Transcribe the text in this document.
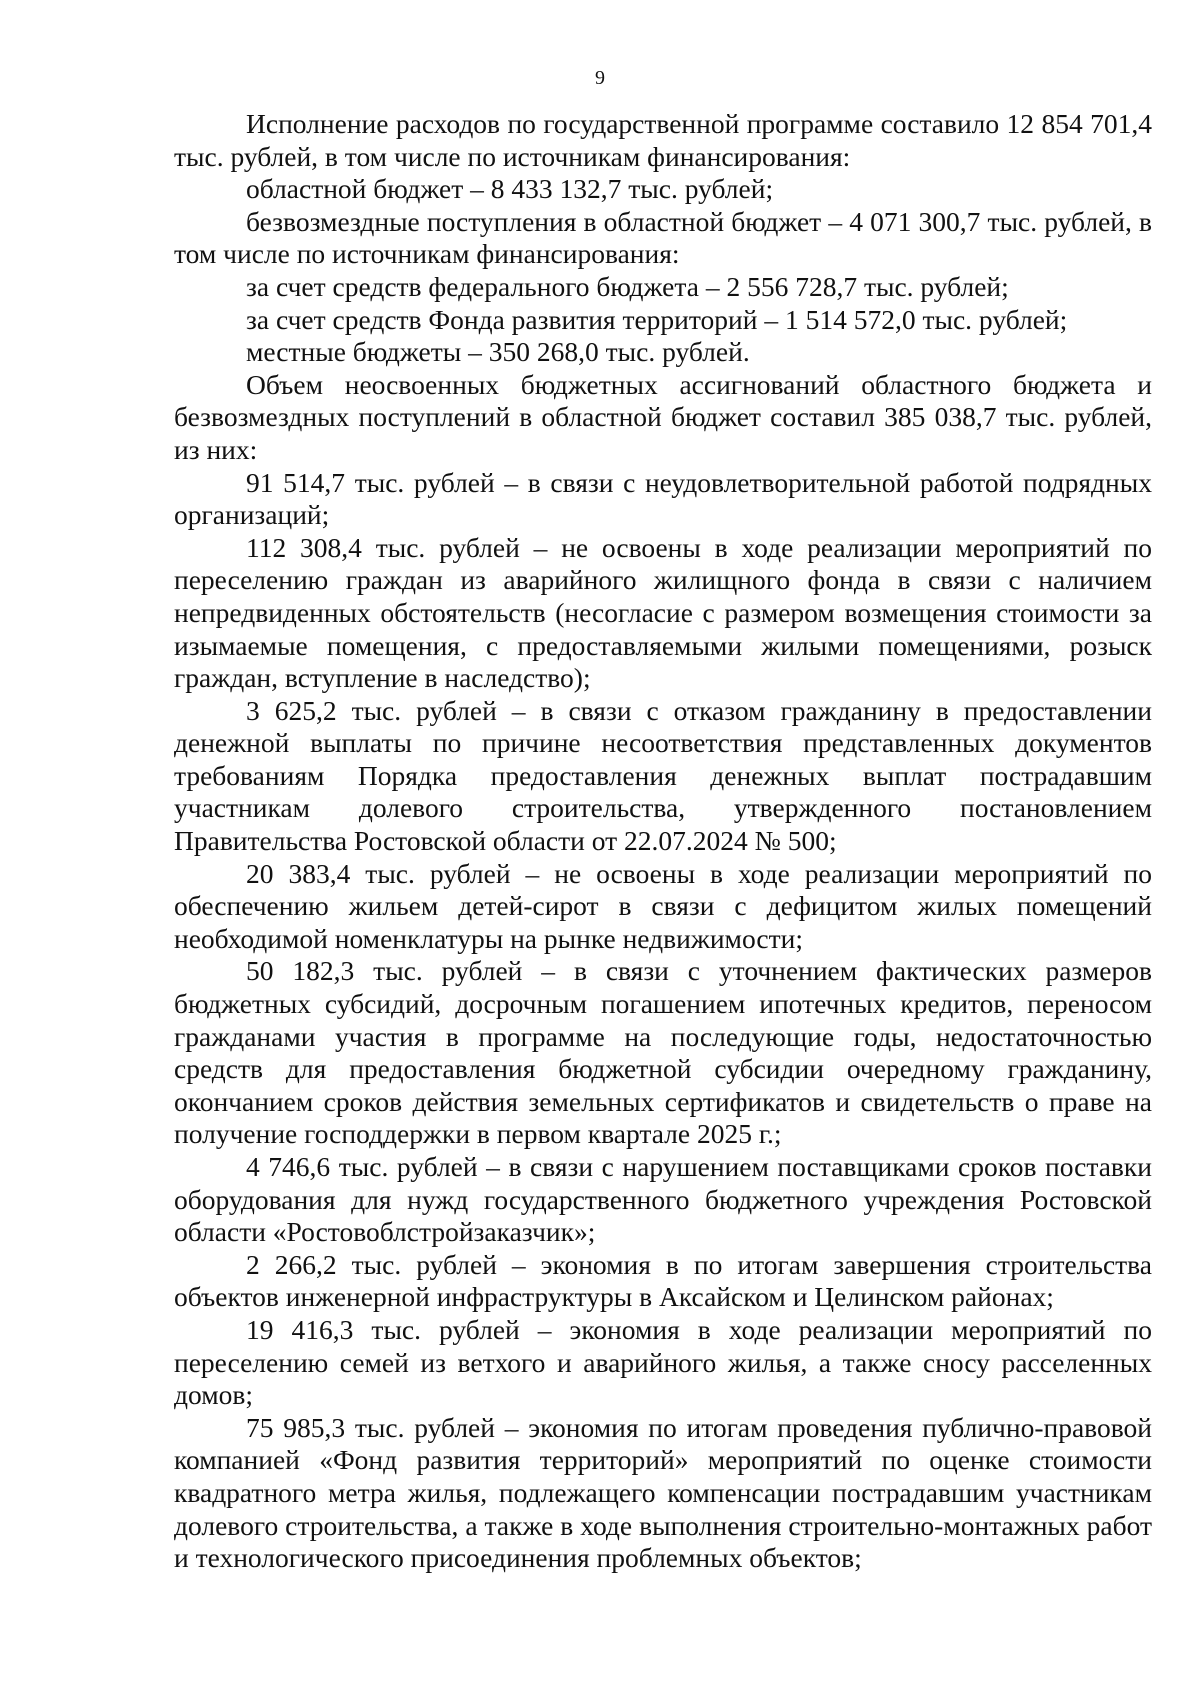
9

Исполнение расходов по государственной программе составило 12 854 701,4 тыс. рублей, в том числе по источникам финансирования:

областной бюджет – 8 433 132,7 тыс. рублей;

безвозмездные поступления в областной бюджет – 4 071 300,7 тыс. рублей, в том числе по источникам финансирования:

за счет средств федерального бюджета – 2 556 728,7 тыс. рублей;

за счет средств Фонда развития территорий – 1 514 572,0 тыс. рублей;

местные бюджеты – 350 268,0 тыс. рублей.

Объем неосвоенных бюджетных ассигнований областного бюджета и безвозмездных поступлений в областной бюджет составил 385 038,7 тыс. рублей, из них:

91 514,7 тыс. рублей – в связи с неудовлетворительной работой подрядных организаций;

112 308,4 тыс. рублей – не освоены в ходе реализации мероприятий по переселению граждан из аварийного жилищного фонда в связи с наличием непредвиденных обстоятельств (несогласие с размером возмещения стоимости за изымаемые помещения, с предоставляемыми жилыми помещениями, розыск граждан, вступление в наследство);

3 625,2 тыс. рублей – в связи с отказом гражданину в предоставлении денежной выплаты по причине несоответствия представленных документов требованиям Порядка предоставления денежных выплат пострадавшим участникам долевого строительства, утвержденного постановлением Правительства Ростовской области от 22.07.2024 № 500;

20 383,4 тыс. рублей – не освоены в ходе реализации мероприятий по обеспечению жильем детей-сирот в связи с дефицитом жилых помещений необходимой номенклатуры на рынке недвижимости;

50 182,3 тыс. рублей – в связи с уточнением фактических размеров бюджетных субсидий, досрочным погашением ипотечных кредитов, переносом гражданами участия в программе на последующие годы, недостаточностью средств для предоставления бюджетной субсидии очередному гражданину, окончанием сроков действия земельных сертификатов и свидетельств о праве на получение господдержки в первом квартале 2025 г.;

4 746,6 тыс. рублей – в связи с нарушением поставщиками сроков поставки оборудования для нужд государственного бюджетного учреждения Ростовской области «Ростовоблстройзаказчик»;

2 266,2 тыс. рублей – экономия в по итогам завершения строительства объектов инженерной инфраструктуры в Аксайском и Целинском районах;

19 416,3 тыс. рублей – экономия в ходе реализации мероприятий по переселению семей из ветхого и аварийного жилья, а также сносу расселенных домов;

75 985,3 тыс. рублей – экономия по итогам проведения публично-правовой компанией «Фонд развития территорий» мероприятий по оценке стоимости квадратного метра жилья, подлежащего компенсации пострадавшим участникам долевого строительства, а также в ходе выполнения строительно-монтажных работ и технологического присоединения проблемных объектов;
